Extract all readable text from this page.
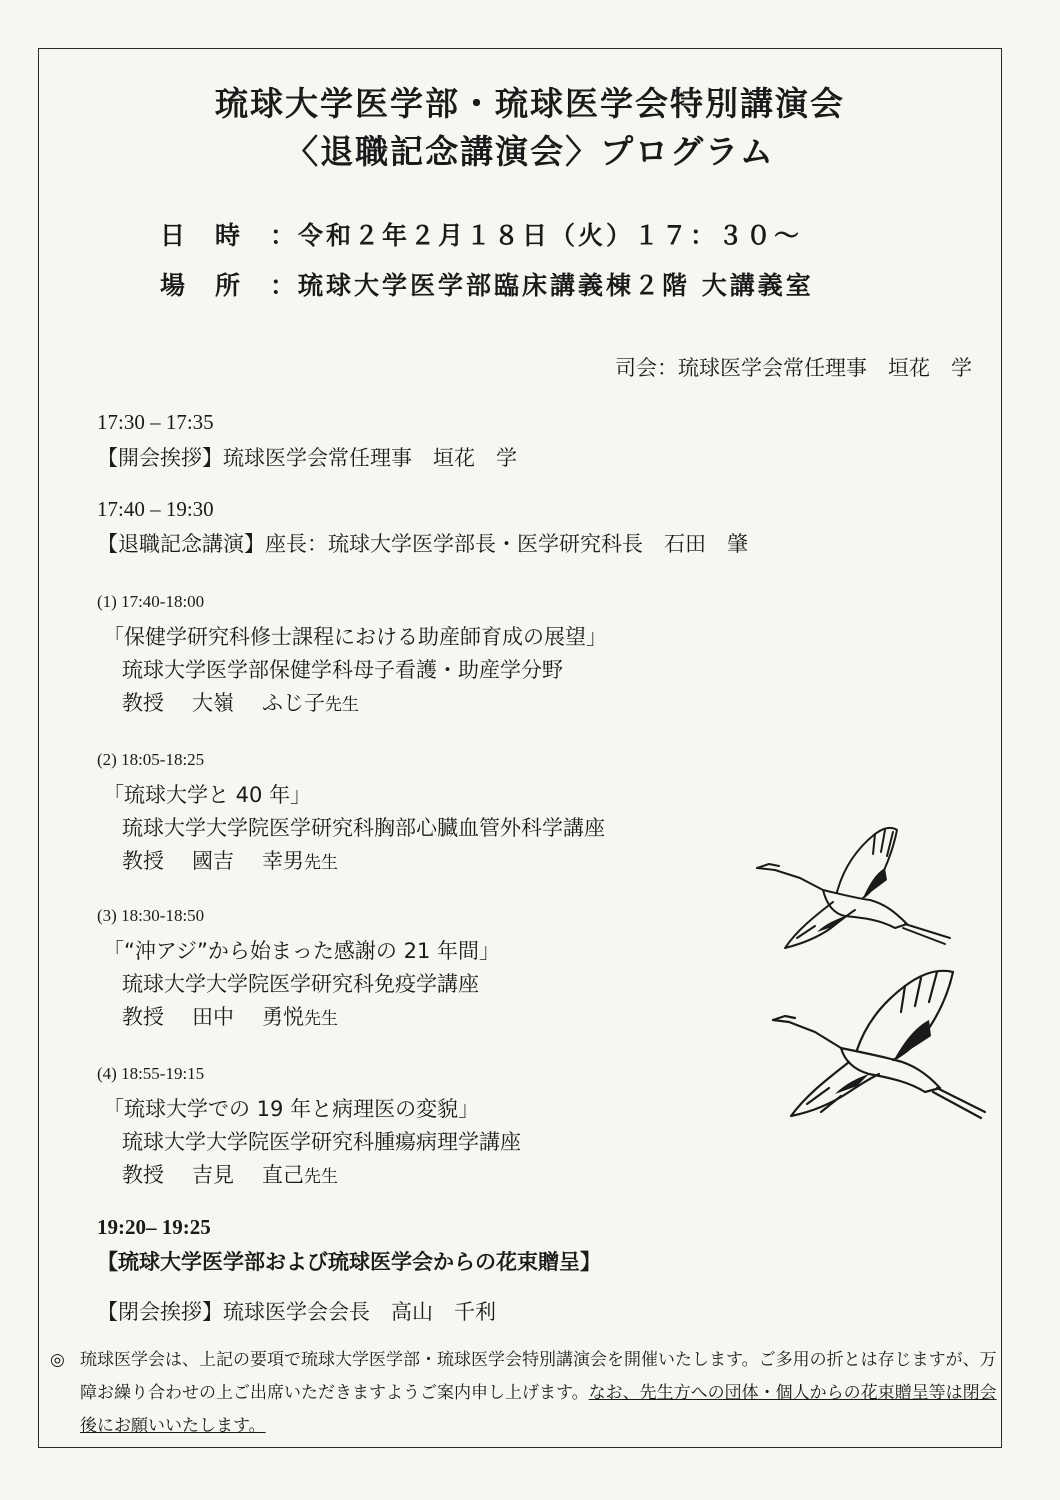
琉球大学医学部・琉球医学会特別講演会
〈退職記念講演会〉プログラム
日時：令和２年２月１８日（火）１７：３０～
場所：琉球大学医学部臨床講義棟２階 大講義室
司会：琉球医学会常任理事　垣花　学
17:30 – 17:35
【開会挨拶】琉球医学会常任理事　垣花　学
17:40 – 19:30
【退職記念講演】座長：琉球大学医学部長・医学研究科長　石田　肇
(1) 17:40-18:00
「保健学研究科修士課程における助産師育成の展望」
琉球大学医学部保健学科母子看護・助産学分野
教授 大嶺 ふじ子先生
(2) 18:05-18:25
「琉球大学と 40 年」
琉球大学大学院医学研究科胸部心臓血管外科学講座
教授 國吉 幸男先生
(3) 18:30-18:50
「“沖アジ”から始まった感謝の 21 年間」
琉球大学大学院医学研究科免疫学講座
教授 田中 勇悦先生
(4) 18:55-19:15
「琉球大学での 19 年と病理医の変貌」
琉球大学大学院医学研究科腫瘍病理学講座
教授 吉見 直己先生
19:20– 19:25
【琉球大学医学部および琉球医学会からの花束贈呈】
【閉会挨拶】琉球医学会会長　高山　千利
◎ 琉球医学会は、上記の要項で琉球大学医学部・琉球医学会特別講演会を開催いたします。ご多用の折とは存じますが、万障お繰り合わせの上ご出席いただきますようご案内申し上げます。なお、先生方への団体・個人からの花束贈呈等は閉会後にお願いいたします。
